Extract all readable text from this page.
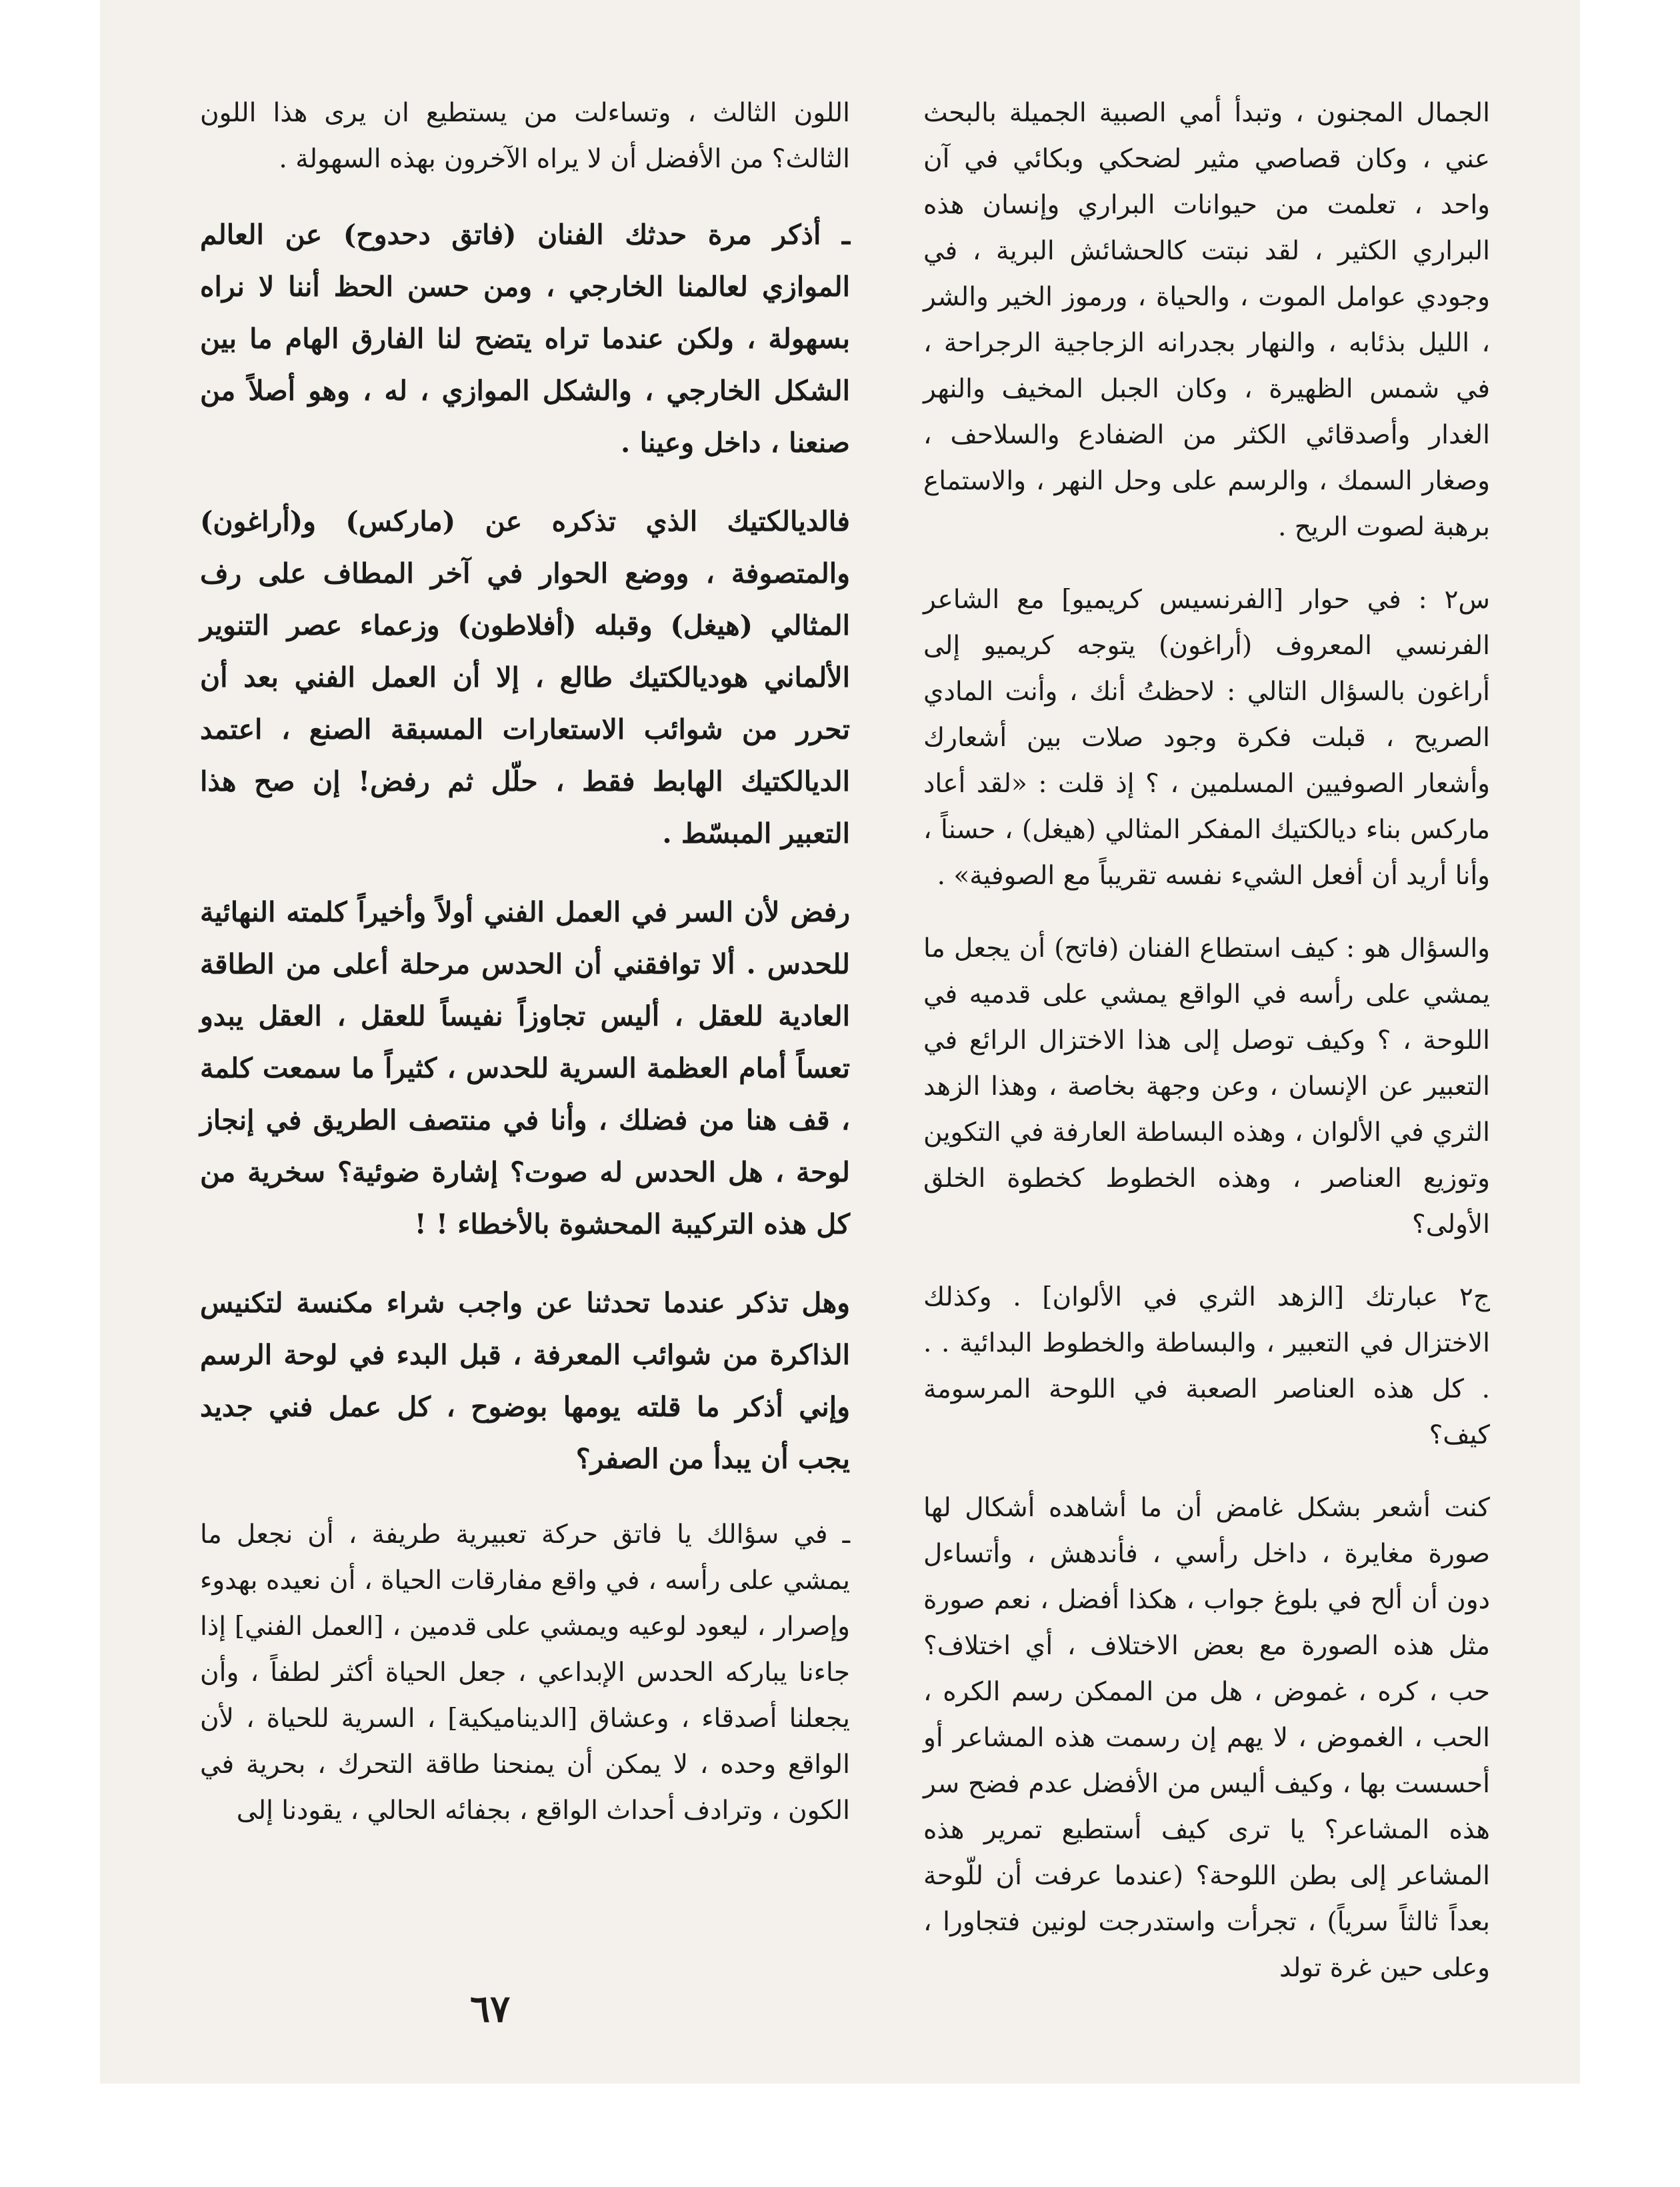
الجمال المجنون ، وتبدأ أمي الصبية الجميلة بالبحث عني ، وكان قصاصي مثير لضحكي وبكائي في آن واحد ، تعلمت من حيوانات البراري وإنسان هذه البراري الكثير ، لقد نبتت كالحشائش البرية ، في وجودي عوامل الموت ، والحياة ، ورموز الخير والشر ، الليل بذئابه ، والنهار بجدرانه الزجاجية الرجراحة ، في شمس الظهيرة ، وكان الجبل المخيف والنهر الغدار وأصدقائي الكثر من الضفادع والسلاحف ، وصغار السمك ، والرسم على وحل النهر ، والاستماع برهبة لصوت الريح .

س٢ : في حوار [الفرنسيس كريميو] مع الشاعر الفرنسي المعروف (أراغون) يتوجه كريميو إلى أراغون بالسؤال التالي : لاحظتُ أنك ، وأنت المادي الصريح ، قبلت فكرة وجود صلات بين أشعارك وأشعار الصوفيين المسلمين ، ؟ إذ قلت : «لقد أعاد ماركس بناء ديالكتيك المفكر المثالي (هيغل) ، حسناً ، وأنا أريد أن أفعل الشيء نفسه تقريباً مع الصوفية» .

والسؤال هو : كيف استطاع الفنان (فاتح) أن يجعل ما يمشي على رأسه في الواقع يمشي على قدميه في اللوحة ، ؟ وكيف توصل إلى هذا الاختزال الرائع في التعبير عن الإنسان ، وعن وجهة بخاصة ، وهذا الزهد الثري في الألوان ، وهذه البساطة العارفة في التكوين وتوزيع العناصر ، وهذه الخطوط كخطوة الخلق الأولى؟

ج٢ عبارتك [الزهد الثري في الألوان] . وكذلك الاختزال في التعبير ، والبساطة والخطوط البدائية . . . كل هذه العناصر الصعبة في اللوحة المرسومة كيف؟

كنت أشعر بشكل غامض أن ما أشاهده أشكال لها صورة مغايرة ، داخل رأسي ، فأندهش ، وأتساءل دون أن ألح في بلوغ جواب ، هكذا أفضل ، نعم صورة مثل هذه الصورة مع بعض الاختلاف ، أي اختلاف؟ حب ، كره ، غموض ، هل من الممكن رسم الكره ، الحب ، الغموض ، لا يهم إن رسمت هذه المشاعر أو أحسست بها ، وكيف أليس من الأفضل عدم فضح سر هذه المشاعر؟ يا ترى كيف أستطيع تمرير هذه المشاعر إلى بطن اللوحة؟ (عندما عرفت أن للّوحة بعداً ثالثاً سرياً) ، تجرأت واستدرجت لونين فتجاورا ، وعلى حين غرة تولد

اللون الثالث ، وتساءلت من يستطيع ان يرى هذا اللون الثالث؟ من الأفضل أن لا يراه الآخرون بهذه السهولة .

ـ أذكر مرة حدثك الفنان (فاتق دحدوح) عن العالم الموازي لعالمنا الخارجي ، ومن حسن الحظ أننا لا نراه بسهولة ، ولكن عندما تراه يتضح لنا الفارق الهام ما بين الشكل الخارجي ، والشكل الموازي ، له ، وهو أصلاً من صنعنا ، داخل وعينا .

فالديالكتيك الذي تذكره عن (ماركس) و(أراغون) والمتصوفة ، ووضع الحوار في آخر المطاف على رف المثالي (هيغل) وقبله (أفلاطون) وزعماء عصر التنوير الألماني هوديالكتيك طالع ، إلا أن العمل الفني بعد أن تحرر من شوائب الاستعارات المسبقة الصنع ، اعتمد الديالكتيك الهابط فقط ، حلّل ثم رفض! إن صح هذا التعبير المبسّط .

رفض لأن السر في العمل الفني أولاً وأخيراً كلمته النهائية للحدس . ألا توافقني أن الحدس مرحلة أعلى من الطاقة العادية للعقل ، أليس تجاوزاً نفيساً للعقل ، العقل يبدو تعساً أمام العظمة السرية للحدس ، كثيراً ما سمعت كلمة ، قف هنا من فضلك ، وأنا في منتصف الطريق في إنجاز لوحة ، هل الحدس له صوت؟ إشارة ضوئية؟ سخرية من كل هذه التركيبة المحشوة بالأخطاء ! !

وهل تذكر عندما تحدثنا عن واجب شراء مكنسة لتكنيس الذاكرة من شوائب المعرفة ، قبل البدء في لوحة الرسم وإني أذكر ما قلته يومها بوضوح ، كل عمل فني جديد يجب أن يبدأ من الصفر؟

ـ في سؤالك يا فاتق حركة تعبيرية طريفة ، أن نجعل ما يمشي على رأسه ، في واقع مفارقات الحياة ، أن نعيده بهدوء وإصرار ، ليعود لوعيه ويمشي على قدمين ، [العمل الفني] إذا جاءنا يباركه الحدس الإبداعي ، جعل الحياة أكثر لطفاً ، وأن يجعلنا أصدقاء ، وعشاق [الديناميكية] ، السرية للحياة ، لأن الواقع وحده ، لا يمكن أن يمنحنا طاقة التحرك ، بحرية في الكون ، وترادف أحداث الواقع ، بجفائه الحالي ، يقودنا إلى

٦٧
